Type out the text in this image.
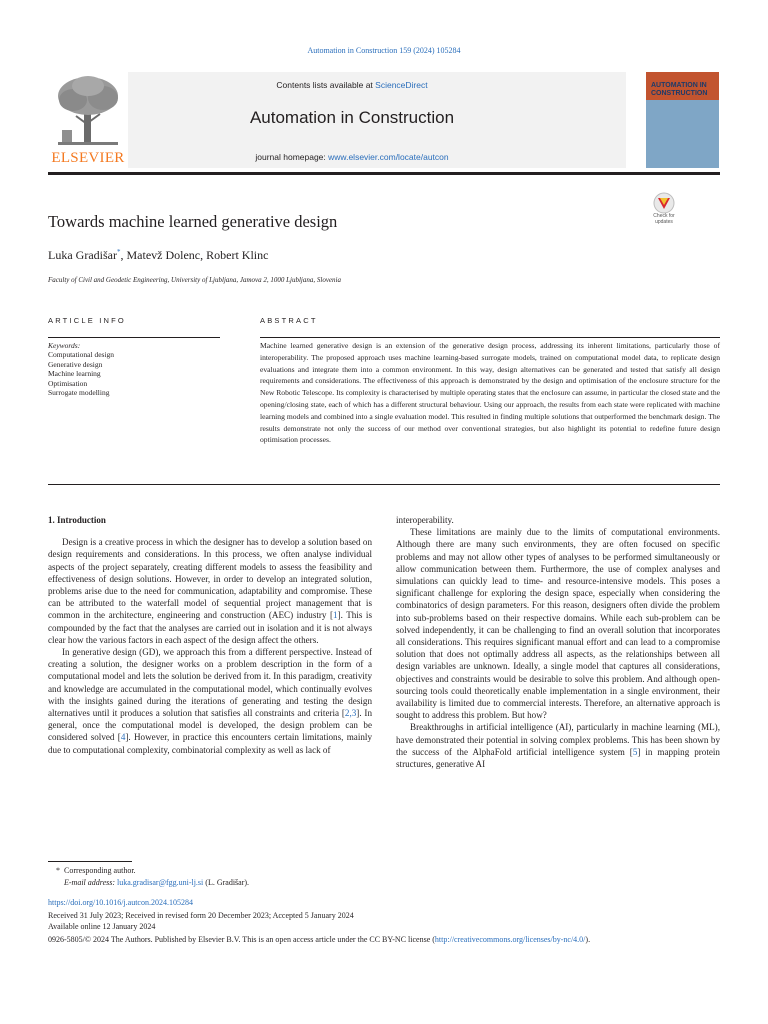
Automation in Construction 159 (2024) 105284
ELSEVIER
Contents lists available at ScienceDirect
Automation in Construction
journal homepage: www.elsevier.com/locate/autcon
AUTOMATION IN CONSTRUCTION
Towards machine learned generative design	Check for
updates
Luka Gradišar*, Matevž Dolenc, Robert Klinc
Faculty of Civil and Geodetic Engineering, University of Ljubljana, Jamova 2, 1000 Ljubljana, Slovenia
ARTICLE INFO
Keywords:
Computational design
Generative design
Machine learning
Optimisation
Surrogate modelling
ABSTRACT
Machine learned generative design is an extension of the generative design process, addressing its inherent limitations, particularly those of interoperability. The proposed approach uses machine learning-based surrogate models, trained on computational model data, to replicate design evaluations and integrate them into a common environment. In this way, design alternatives can be generated and tested that satisfy all design requirements and considerations. The effectiveness of this approach is demonstrated by the design and optimisation of the enclosure structure for the New Robotic Telescope. Its complexity is characterised by multiple operating states that the enclosure can assume, in particular the closed state and the opening/closing state, each of which has a different structural behaviour. Using our approach, the results from each state were replicated with machine learning models and combined into a single evaluation model. This resulted in finding multiple solutions that outperformed the benchmark design. The results demonstrate not only the success of our method over conventional strategies, but also highlight its potential to redefine future design optimisation processes.

1. Introduction

Design is a creative process in which the designer has to develop a solution based on design requirements and considerations. In this process, we often analyse individual aspects of the project separately, creating different models to assess the feasibility and effectiveness of design solutions. However, in order to develop an integrated solution, problems arise due to the need for communication, adaptability and compromise. These can be attributed to the waterfall model of sequential project management that is common in the architecture, engineering and construction (AEC) industry [1]. This is compounded by the fact that the analyses are carried out in isolation and it is not always clear how the various factors in each aspect of the design affect the others.

In generative design (GD), we approach this from a different perspective. Instead of creating a solution, the designer works on a problem description in the form of a computational model and lets the solution be derived from it. In this paradigm, creativity and knowledge are accumulated in the computational model, which continually evolves with the insights gained during the iterations of generating and testing the design alternatives until it produces a solution that satisfies all constraints and criteria [2,3]. In general, once the computational model is developed, the design problem can be considered solved [4]. However, in practice this encounters certain limitations, mainly due to computational complexity, combinatorial complexity as well as lack of

interoperability.

These limitations are mainly due to the limits of computational environments. Although there are many such environments, they are often focused on specific problems and may not allow other types of analyses to be performed simultaneously or allow communication between them. Furthermore, the use of complex analyses and simulations can quickly lead to time- and resource-intensive models. This poses a significant challenge for exploring the design space, especially when considering the combinatorics of design parameters. For this reason, designers often divide the problem into sub-problems based on their respective domains. While each sub-problem can be solved independently, it can be challenging to find an overall solution that incorporates all considerations. This requires significant manual effort and can lead to a compromise solution that does not optimally address all aspects, as the relationships between all design variables are unknown. Ideally, a single model that captures all considerations, objectives and constraints would be desirable to solve this problem. And although open-sourcing tools could theoretically enable implementation in a single environment, their availability is limited due to commercial interests. Therefore, an alternative approach is sought to address this problem. But how?

Breakthroughs in artificial intelligence (AI), particularly in machine learning (ML), have demonstrated their potential in solving complex problems. This has been shown by the success of the AlphaFold artificial intelligence system [5] in mapping protein structures, generative AI

* Corresponding author.
E-mail address: luka.gradisar@fgg.uni-lj.si (L. Gradišar).
https://doi.org/10.1016/j.autcon.2024.105284
Received 31 July 2023; Received in revised form 20 December 2023; Accepted 5 January 2024
Available online 12 January 2024
0926-5805/© 2024 The Authors. Published by Elsevier B.V. This is an open access article under the CC BY-NC license (http://creativecommons.org/licenses/by-nc/4.0/).
